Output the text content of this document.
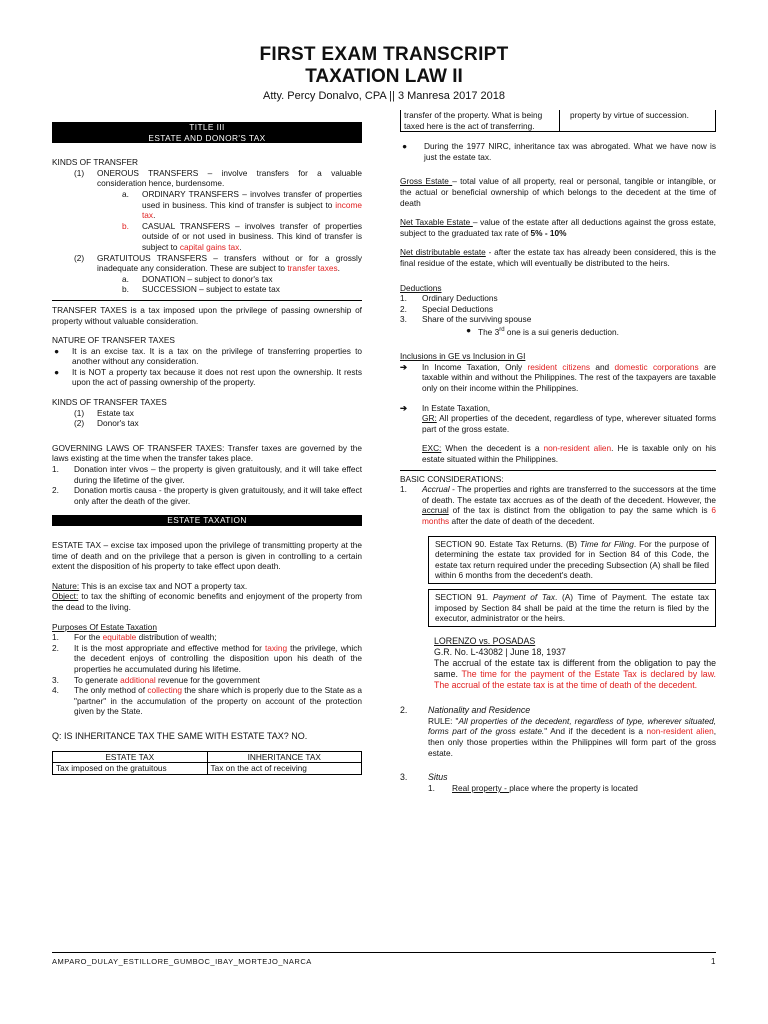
FIRST EXAM TRANSCRIPT
TAXATION LAW II
Atty. Percy Donalvo, CPA || 3 Manresa 2017 2018
TITLE III
ESTATE AND DONOR'S TAX
KINDS OF TRANSFER
(1)	ONEROUS TRANSFERS – involve transfers for a valuable consideration hence, burdensome.
a.	ORDINARY TRANSFERS – involves transfer of properties used in business. This kind of transfer is subject to income tax.
b.	CASUAL TRANSFERS – involves transfer of properties outside of or not used in business. This kind of transfer is subject to capital gains tax.
(2)	GRATUITOUS TRANSFERS – transfers without or for a grossly inadequate any consideration. These are subject to transfer taxes.
a.	DONATION – subject to donor's tax
b.	SUCCESSION – subject to estate tax

TRANSFER TAXES is a tax imposed upon the privilege of passing ownership of property without valuable consideration.

NATURE OF TRANSFER TAXES
●	It is an excise tax. It is a tax on the privilege of transferring properties to another without any consideration.
●	It is NOT a property tax because it does not rest upon the ownership. It rests upon the act of passing ownership of the property.
KINDS OF TRANSFER TAXES
(1)	Estate tax
(2)	Donor's tax

GOVERNING LAWS OF TRANSFER TAXES: Transfer taxes are governed by the laws existing at the time when the transfer takes place.

1.	Donation inter vivos – the property is given gratuitously, and it will take effect during the lifetime of the giver.
2.	Donation mortis causa - the property is given gratuitously, and it will take effect only after the death of the giver.
ESTATE TAXATION

ESTATE TAX – excise tax imposed upon the privilege of transmitting property at the time of death and on the privilege that a person is given in controlling to a certain extent the disposition of his property to take effect upon death.

Nature: This is an excise tax and NOT a property tax.

Object: to tax the shifting of economic benefits and enjoyment of the property from the dead to the living.

Purposes Of Estate Taxation
1.	For the equitable distribution of wealth;
2.	It is the most appropriate and effective method for taxing the privilege, which the decedent enjoys of controlling the disposition upon his death of the properties he accumulated during his lifetime.
3.	To generate additional revenue for the government
4.	The only method of collecting the share which is properly due to the State as a "partner" in the accumulation of the property on account of the protection given by the State.
Q: IS INHERITANCE TAX THE SAME WITH ESTATE TAX? NO.
ESTATE TAX	INHERITANCE TAX
Tax imposed on the gratuitous	Tax on the act of receiving
transfer of the property. What is being taxed here is the act of transferring.	property by virtue of succession.
●	During the 1977 NIRC, inheritance tax was abrogated. What we have now is just the estate tax.

Gross Estate – total value of all property, real or personal, tangible or intangible, or the actual or beneficial ownership of which belongs to the decedent at the time of death

Net Taxable Estate – value of the estate after all deductions against the gross estate, subject to the graduated tax rate of 5% - 10%

Net distributable estate - after the estate tax has already been considered, this is the final residue of the estate, which will eventually be distributed to the heirs.

Deductions
1.	Ordinary Deductions
2.	Special Deductions
3.	Share of the surviving spouse
● The 3rd one is a sui generis deduction.
Inclusions in GE vs Inclusion in GI
➔	In Income Taxation, Only resident citizens and domestic corporations are taxable within and without the Philippines. The rest of the taxpayers are taxable only on their income within the Philippines.
➔	In Estate Taxation,

GR: All properties of the decedent, regardless of type, wherever situated forms part of the gross estate.

EXC: When the decedent is a non-resident alien. He is taxable only on his estate situated within the Philippines.

BASIC CONSIDERATIONS:
1.	Accrual - The properties and rights are transferred to the successors at the time of death. The estate tax accrues as of the death of the decedent. However, the accrual of the tax is distinct from the obligation to pay the same which is 6 months after the date of death of the decedent.

SECTION 90. Estate Tax Returns. (B) Time for Filing. For the purpose of determining the estate tax provided for in Section 84 of this Code, the estate tax return required under the preceding Subsection (A) shall be filed within 6 months from the decedent's death.

SECTION 91. Payment of Tax. (A) Time of Payment. The estate tax imposed by Section 84 shall be paid at the time the return is filed by the executor, administrator or the heirs.

LORENZO vs. POSADAS
G.R. No. L-43082 | June 18, 1937

The accrual of the estate tax is different from the obligation to pay the same. The time for the payment of the Estate Tax is declared by law. The accrual of the estate tax is at the time of death of the decedent.

2.	Nationality and Residence

RULE: "All properties of the decedent, regardless of type, wherever situated, forms part of the gross estate." And if the decedent is a non-resident alien, then only those properties within the Philippines will form part of the gross estate.

3.	Situs
1.	Real property - place where the property is located
AMPARO_DULAY_ESTILLORE_GUMBOC_IBAY_MORTEJO_NARCA	1
